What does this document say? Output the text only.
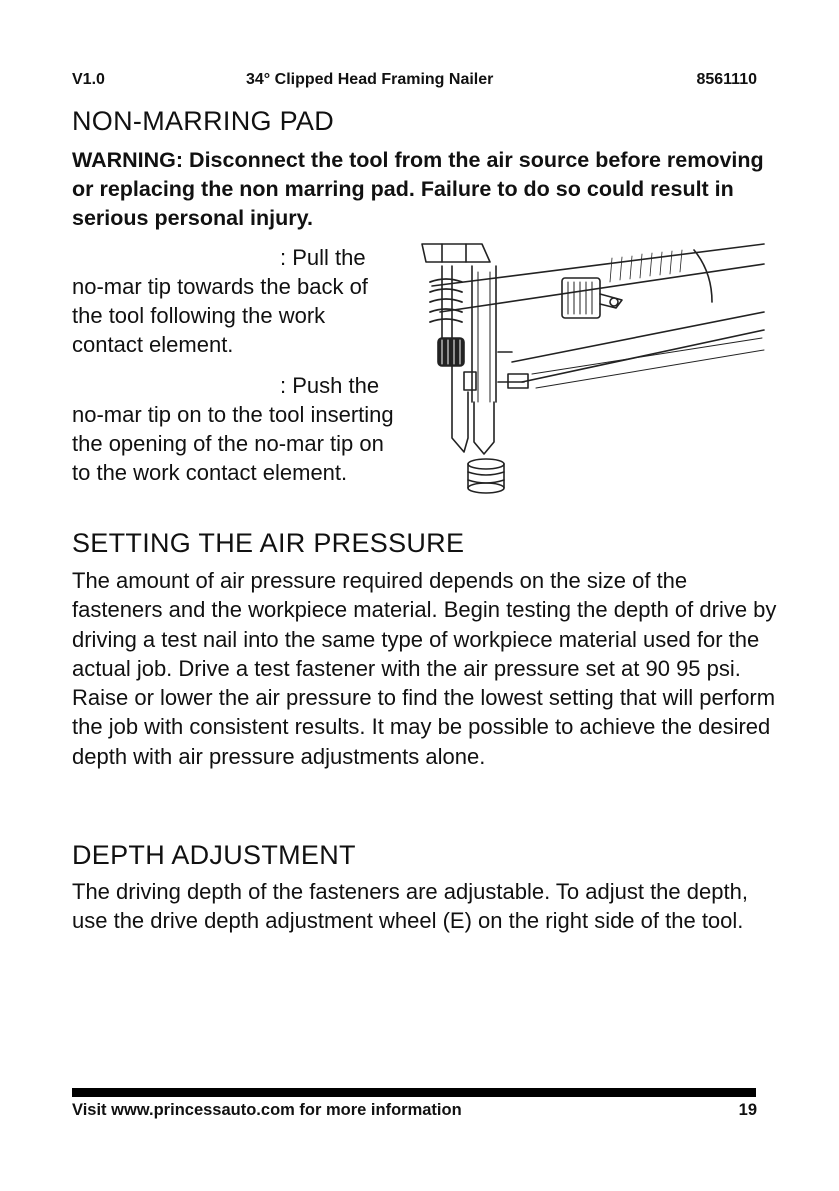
V1.0	34° Clipped Head Framing Nailer	8561110
NON-MARRING PAD
WARNING: Disconnect the tool from the air source before removing or replacing the non marring pad. Failure to do so could result in serious personal injury.
: Pull the no-mar tip towards the back of the tool following the work contact element.
: Push the no-mar tip on to the tool inserting the opening of the no-mar tip on to the work contact element.
SETTING THE AIR PRESSURE
The amount of air pressure required depends on the size of the fasteners and the workpiece material. Begin testing the depth of drive by driving a test nail into the same type of workpiece material used for the actual job. Drive a test fastener with the air pressure set at 90 95 psi. Raise or lower the air pressure to find the lowest setting that will perform the job with consistent results. It may be possible to achieve the desired depth with air pressure adjustments alone.
DEPTH ADJUSTMENT
The driving depth of the fasteners are adjustable. To adjust the depth, use the drive depth adjustment wheel (E) on the right side of the tool.
Visit www.princessauto.com for more information	19
